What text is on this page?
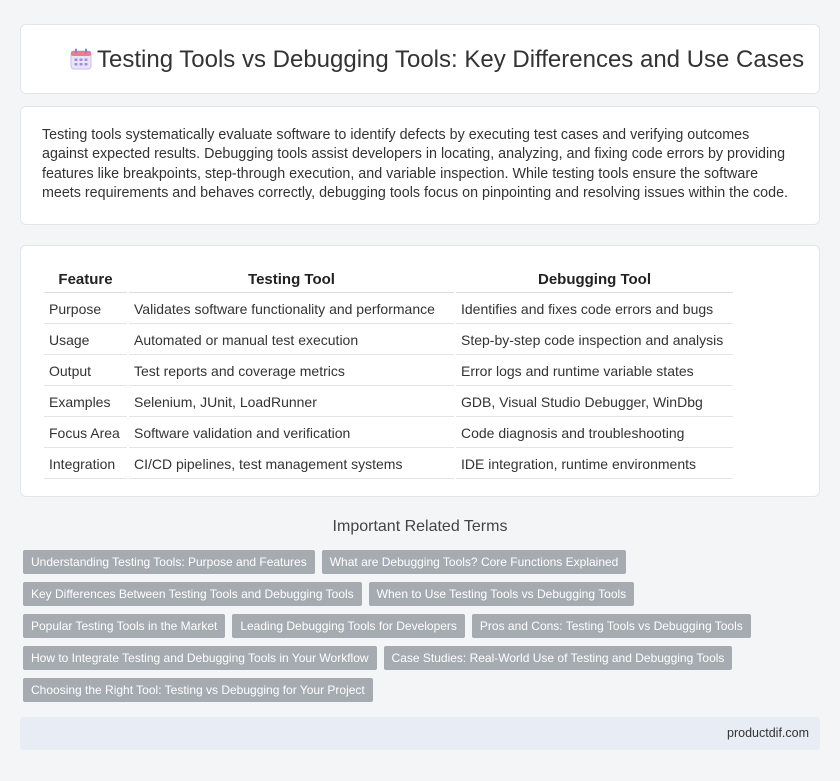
Testing Tools vs Debugging Tools: Key Differences and Use Cases

Testing tools systematically evaluate software to identify defects by executing test cases and verifying outcomes against expected results. Debugging tools assist developers in locating, analyzing, and fixing code errors by providing features like breakpoints, step-through execution, and variable inspection. While testing tools ensure the software meets requirements and behaves correctly, debugging tools focus on pinpointing and resolving issues within the code.

Feature	Testing Tool	Debugging Tool
Purpose	Validates software functionality and performance	Identifies and fixes code errors and bugs
Usage	Automated or manual test execution	Step-by-step code inspection and analysis
Output	Test reports and coverage metrics	Error logs and runtime variable states
Examples	Selenium, JUnit, LoadRunner	GDB, Visual Studio Debugger, WinDbg
Focus Area	Software validation and verification	Code diagnosis and troubleshooting
Integration	CI/CD pipelines, test management systems	IDE integration, runtime environments
Important Related Terms
Understanding Testing Tools: Purpose and Features	What are Debugging Tools? Core Functions Explained
Key Differences Between Testing Tools and Debugging Tools	When to Use Testing Tools vs Debugging Tools
Popular Testing Tools in the Market	Leading Debugging Tools for Developers	Pros and Cons: Testing Tools vs Debugging Tools
How to Integrate Testing and Debugging Tools in Your Workflow	Case Studies: Real-World Use of Testing and Debugging Tools
Choosing the Right Tool: Testing vs Debugging for Your Project
productdif.com
